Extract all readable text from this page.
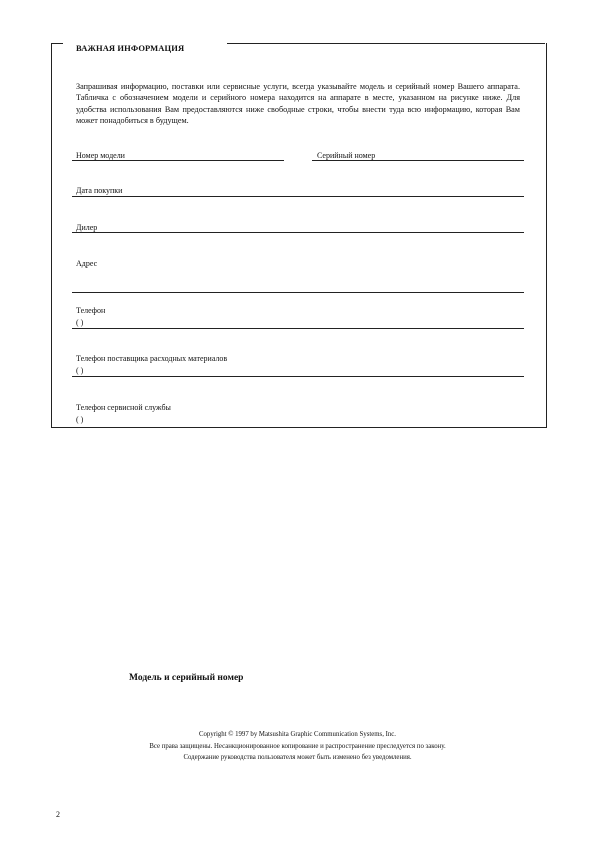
ВАЖНАЯ ИНФОРМАЦИЯ
Запрашивая информацию, поставки или сервисные услуги, всегда указывайте модель и серийный номер Вашего аппарата. Табличка с обозначением модели и серийного номера находится на аппарате в месте, указанном на рисунке ниже. Для удобства использования Вам предоставляются ниже свободные строки, чтобы внести туда всю информацию, которая Вам может понадобиться в будущем.
Номер модели	Серийный номер
Дата покупки
Дилер
Адрес
Телефон
( )
Телефон поставщика расходных материалов
( )
Телефон сервисной службы
( )
Модель и серийный номер
Copyright © 1997 by Matsushita Graphic Communication Systems, Inc.
Все права защищены. Несанкционированное копирование и распространение преследуется по закону.
Содержание руководства пользователя может быть изменено без уведомления.
2
